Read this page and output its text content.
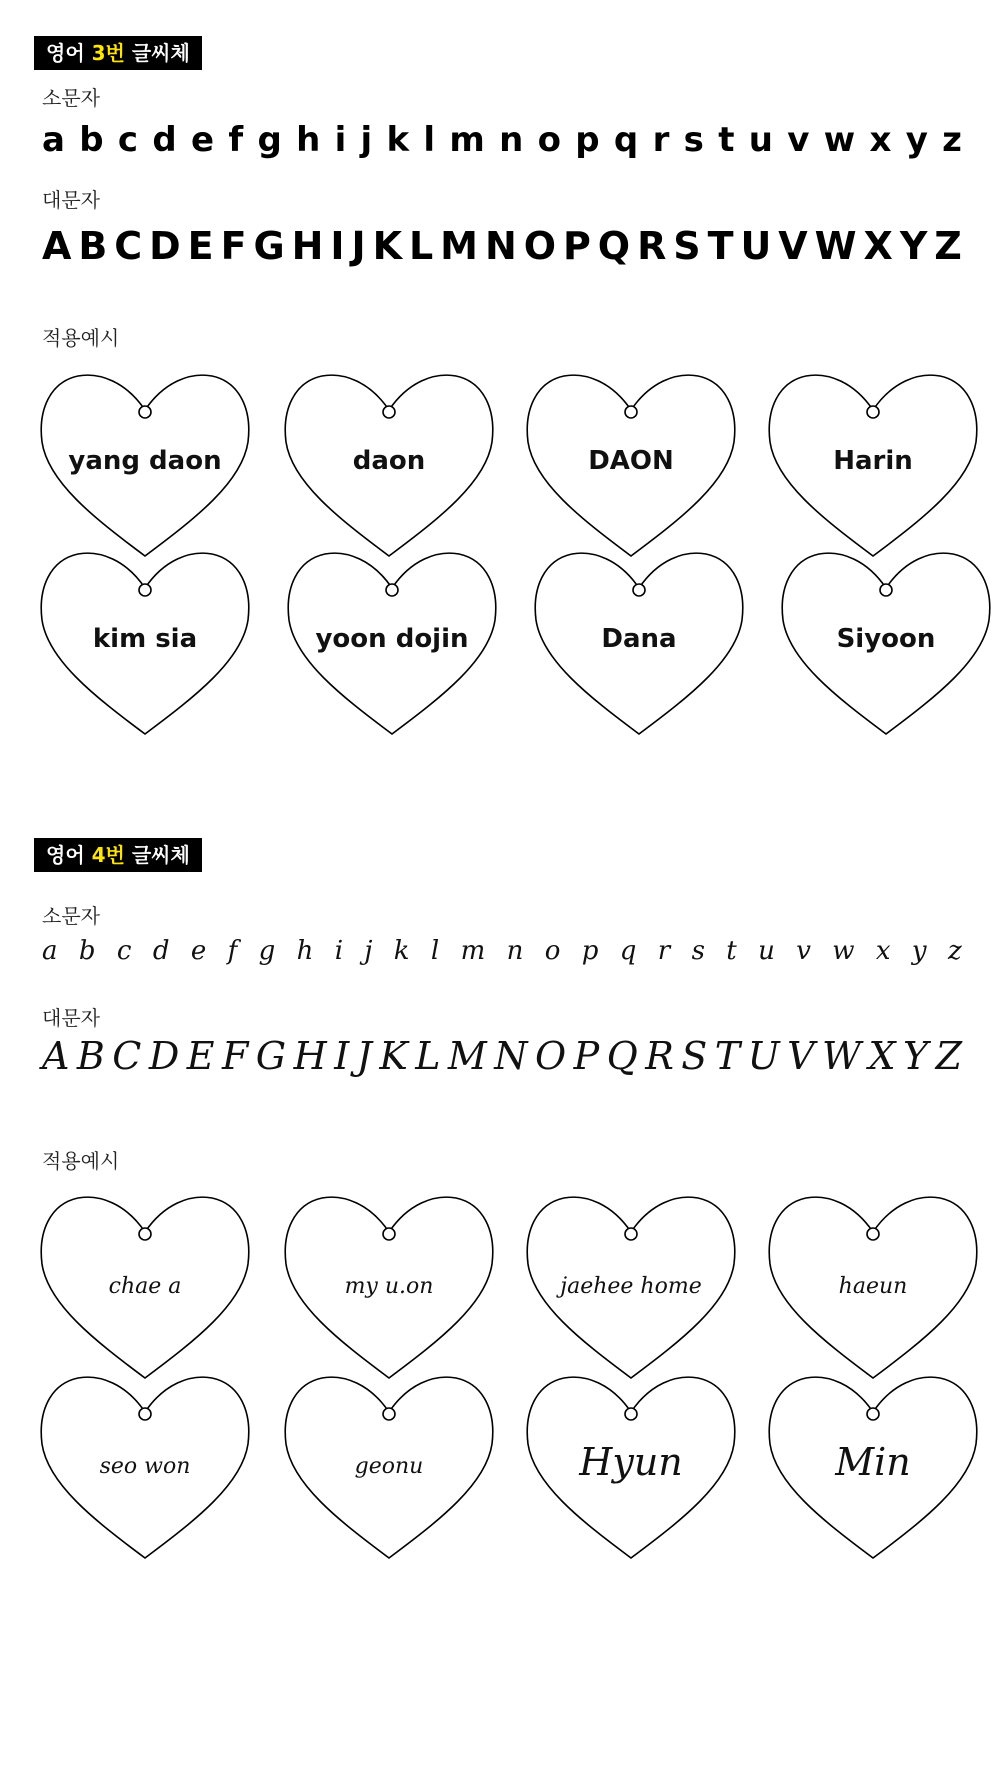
영어 3번 글씨체
소문자
a b c d e f g h i j k l m n o p q r s t u v w x y z
대문자
A B C D E F G H I J K L M N O P Q R S T U V W X Y Z
적용예시
yang daon	daon	DAON	Harin
kim sia	yoon dojin	Dana	Siyoon
영어 4번 글씨체
소문자
a b c d e f g h i j k l m n o p q r s t u v w x y z
대문자
A B C D E F G H I J K L M N O P Q R S T U V W X Y Z
적용예시
chae a	my u.on	jaehee home	haeun
seo won	geonu	Hyun	Min
